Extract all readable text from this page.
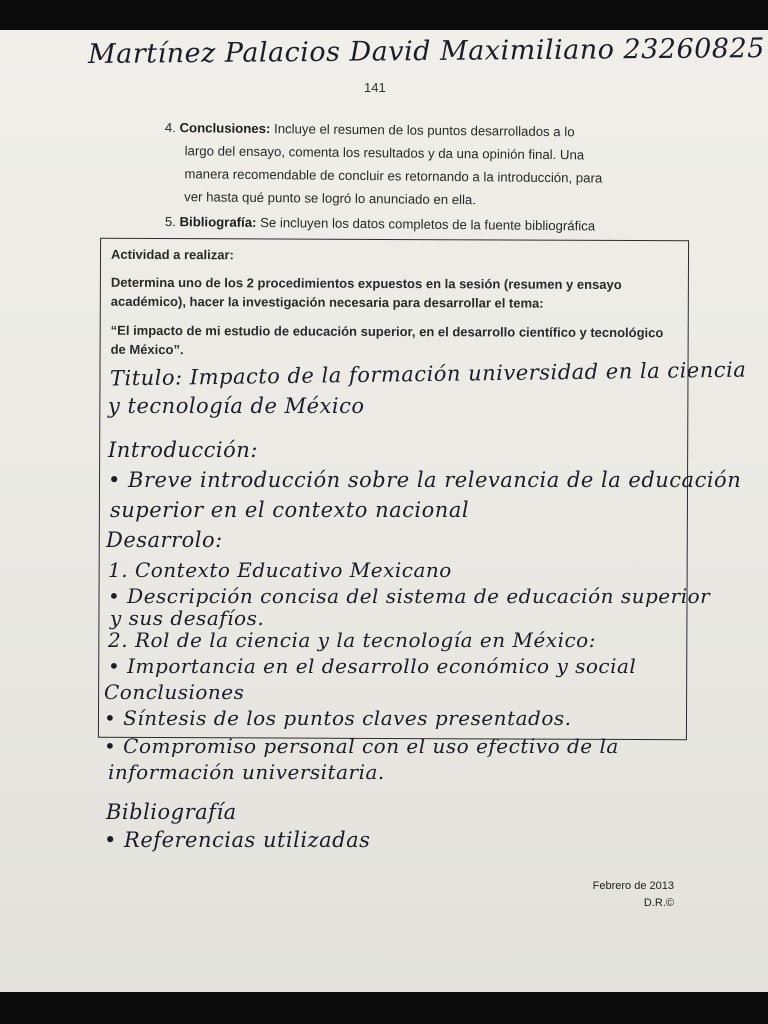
Martínez Palacios David Maximiliano 23260825
141
4. Conclusiones: Incluye el resumen de los puntos desarrollados a lo
largo del ensayo, comenta los resultados y da una opinión final. Una
manera recomendable de concluir es retornando a la introducción, para
ver hasta qué punto se logró lo anunciado en ella.
5. Bibliografía: Se incluyen los datos completos de la fuente bibliográfica
Actividad a realizar:
Determina uno de los 2 procedimientos expuestos en la sesión (resumen y ensayo académico), hacer la investigación necesaria para desarrollar el tema:
“El impacto de mi estudio de educación superior, en el desarrollo científico y tecnológico de México”.
Titulo: Impacto de la formación universidad en la ciencia
y tecnología de México
Introducción:
• Breve introducción sobre la relevancia de la educación
superior en el contexto nacional
Desarrolo:
1. Contexto Educativo Mexicano
• Descripción concisa del sistema de educación superior
y sus desafíos.
2. Rol de la ciencia y la tecnología en México:
• Importancia en el desarrollo económico y social
Conclusiones
• Síntesis de los puntos claves presentados.
• Compromiso personal con el uso efectivo de la
información universitaria.
Bibliografía
• Referencias utilizadas
Febrero de 2013
D.R.©
